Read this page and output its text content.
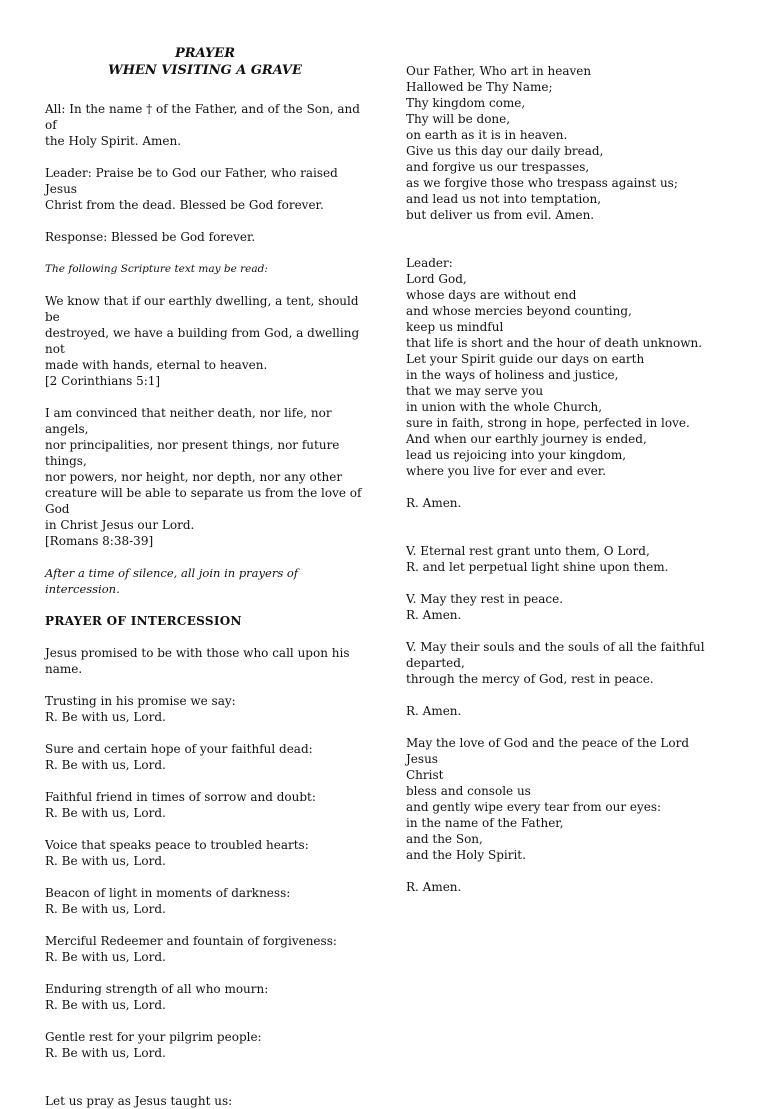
PRAYER

WHEN VISITING A GRAVE

All: In the name † of the Father, and of the Son, and of
the Holy Spirit. Amen.

Leader: Praise be to God our Father, who raised Jesus
Christ from the dead. Blessed be God forever.

Response: Blessed be God forever.

The following Scripture text may be read:

We know that if our earthly dwelling, a tent, should be
destroyed, we have a building from God, a dwelling not
made with hands, eternal to heaven.
[2 Corinthians 5:1]

I am convinced that neither death, nor life, nor angels,
nor principalities, nor present things, nor future things,
nor powers, nor height, nor depth, nor any other
creature will be able to separate us from the love of God
in Christ Jesus our Lord.
[Romans 8:38-39]

After a time of silence, all join in prayers of intercession.

PRAYER OF INTERCESSION

Jesus promised to be with those who call upon his name.

Trusting in his promise we say:
R. Be with us, Lord.

Sure and certain hope of your faithful dead:
R. Be with us, Lord.

Faithful friend in times of sorrow and doubt:
R. Be with us, Lord.

Voice that speaks peace to troubled hearts:
R. Be with us, Lord.

Beacon of light in moments of darkness:
R. Be with us, Lord.

Merciful Redeemer and fountain of forgiveness:
R. Be with us, Lord.

Enduring strength of all who mourn:
R. Be with us, Lord.

Gentle rest for your pilgrim people:
R. Be with us, Lord.

Let us pray as Jesus taught us:

Our Father, Who art in heaven
Hallowed be Thy Name;
Thy kingdom come,
Thy will be done,
on earth as it is in heaven.
Give us this day our daily bread,
and forgive us our trespasses,
as we forgive those who trespass against us;
and lead us not into temptation,
but deliver us from evil. Amen.

Leader:
Lord God,
whose days are without end
and whose mercies beyond counting,
keep us mindful
that life is short and the hour of death unknown.
Let your Spirit guide our days on earth
in the ways of holiness and justice,
that we may serve you
in union with the whole Church,
sure in faith, strong in hope, perfected in love.
And when our earthly journey is ended,
lead us rejoicing into your kingdom,
where you live for ever and ever.

R. Amen.

V. Eternal rest grant unto them, O Lord,
R. and let perpetual light shine upon them.

V. May they rest in peace.
R. Amen.

V. May their souls and the souls of all the faithful
departed,
through the mercy of God, rest in peace.

R. Amen.

May the love of God and the peace of the Lord Jesus
Christ
bless and console us
and gently wipe every tear from our eyes:
in the name of the Father,
and the Son,
and the Holy Spirit.

R. Amen.
